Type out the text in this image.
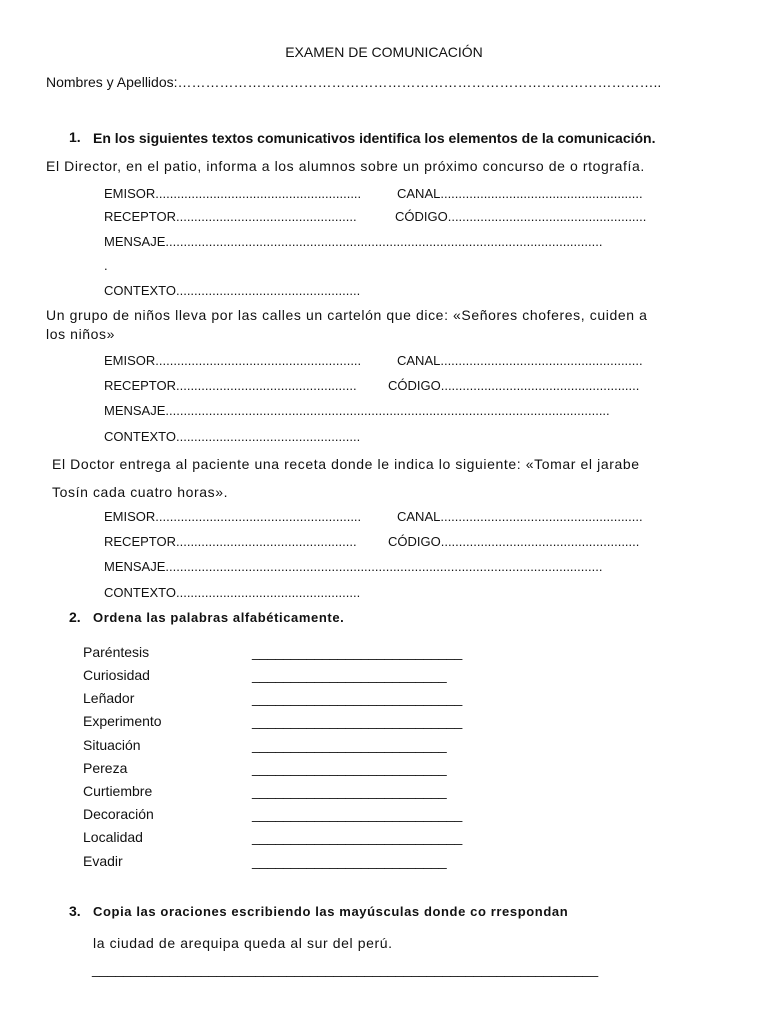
EXAMEN DE COMUNICACIÓN
Nombres y Apellidos:…………………………………………………………………………………………..
1. En los siguientes textos comunicativos identifica los elementos de la comunicación.
El Director, en el patio, informa a los alumnos sobre un próximo concurso de o rtografía.
EMISOR.........................................................	CANAL........................................................
RECEPTOR..................................................	CÓDIGO.......................................................
MENSAJE.........................................................................................................................
.
CONTEXTO...................................................
Un grupo de niños lleva por las calles un cartelón que dice: «Señores choferes, cuiden a
los niños»
EMISOR.........................................................	CANAL........................................................
RECEPTOR.................................................. CÓDIGO.......................................................
MENSAJE...........................................................................................................................
CONTEXTO...................................................
El Doctor entrega al paciente una receta donde le indica lo siguiente: «Tomar el jarabe
Tosín cada cuatro horas».
EMISOR.........................................................	CANAL........................................................
RECEPTOR.................................................. CÓDIGO.......................................................
MENSAJE.........................................................................................................................
CONTEXTO...................................................
2. Ordena las palabras alfabéticamente.
Paréntesis	___________________________
Curiosidad	_________________________
Leñador	___________________________
Experimento	___________________________
Situación	_________________________
Pereza	_________________________
Curtiembre	_________________________
Decoración	___________________________
Localidad	___________________________
Evadir	_________________________
3. Copia las oraciones escribiendo las mayúsculas donde co rrespondan
la ciudad de arequipa queda al sur del perú.
_________________________________________________________________
